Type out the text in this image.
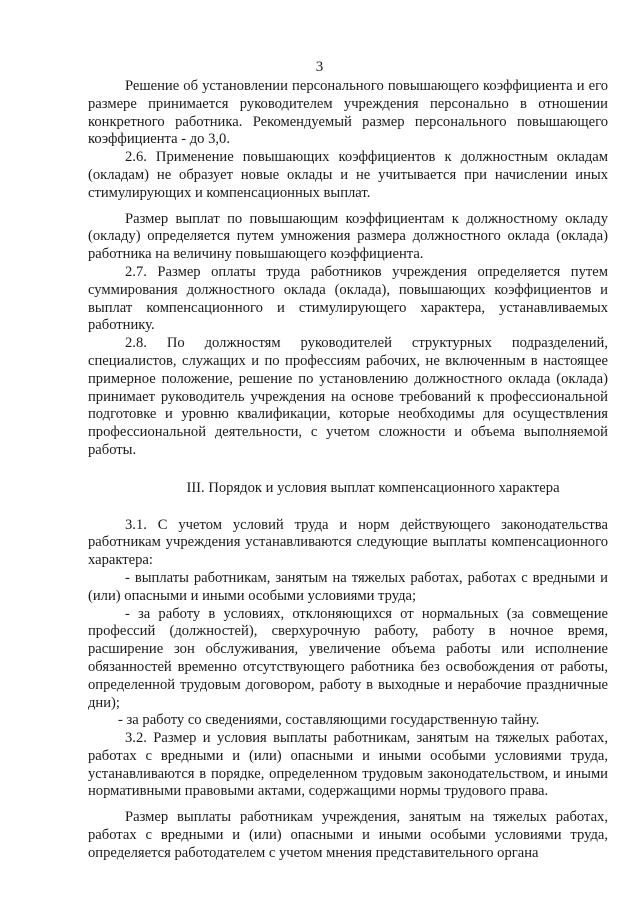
3

Решение об установлении персонального повышающего коэффициента и его размере принимается руководителем учреждения персонально в отношении конкретного работника. Рекомендуемый размер персонального повышающего коэффициента - до 3,0.

2.6. Применение повышающих коэффициентов к должностным окладам (окладам) не образует новые оклады и не учитывается при начислении иных стимулирующих и компенсационных выплат.

Размер выплат по повышающим коэффициентам к должностному окладу (окладу) определяется путем умножения размера должностного оклада (оклада) работника на величину повышающего коэффициента.

2.7. Размер оплаты труда работников учреждения определяется путем суммирования должностного оклада (оклада), повышающих коэффициентов и выплат компенсационного и стимулирующего характера, устанавливаемых работнику.

2.8. По должностям руководителей структурных подразделений, специалистов, служащих и по профессиям рабочих, не включенным в настоящее примерное положение, решение по установлению должностного оклада (оклада) принимает руководитель учреждения на основе требований к профессиональной подготовке и уровню квалификации, которые необходимы для осуществления профессиональной деятельности, с учетом сложности и объема выполняемой работы.

III. Порядок и условия выплат компенсационного характера

3.1. С учетом условий труда и норм действующего законодательства работникам учреждения устанавливаются следующие выплаты компенсационного характера:

- выплаты работникам, занятым на тяжелых работах, работах с вредными и (или) опасными и иными особыми условиями труда;

- за работу в условиях, отклоняющихся от нормальных (за совмещение профессий (должностей), сверхурочную работу, работу в ночное время, расширение зон обслуживания, увеличение объема работы или исполнение обязанностей временно отсутствующего работника без освобождения от работы, определенной трудовым договором, работу в выходные и нерабочие праздничные дни);

- за работу со сведениями, составляющими государственную тайну.

3.2. Размер и условия выплаты работникам, занятым на тяжелых работах, работах с вредными и (или) опасными и иными особыми условиями труда, устанавливаются в порядке, определенном трудовым законодательством, и иными нормативными правовыми актами, содержащими нормы трудового права.

Размер выплаты работникам учреждения, занятым на тяжелых работах, работах с вредными и (или) опасными и иными особыми условиями труда, определяется работодателем с учетом мнения представительного органа
